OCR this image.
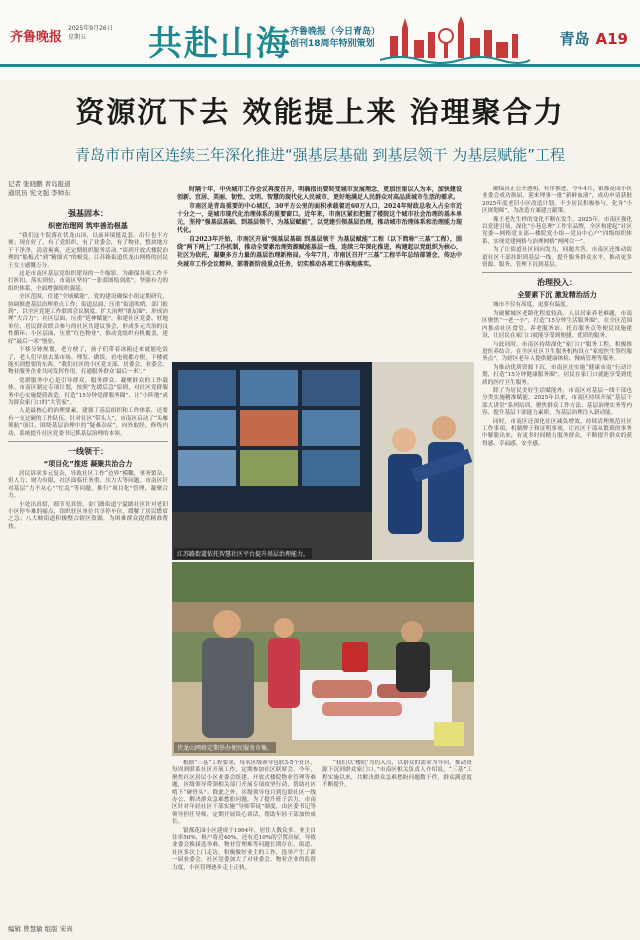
齐鲁晚报
2025年9月26日
星期五	共赴山海
齐鲁晚报（今日青岛）
创刊18周年特别策划	青岛 A19
资源沉下去 效能提上来 治理聚合力
青岛市市南区连续三年深化推进“强基层基础 到基层领干 为基层赋能”工程
记者 张晓鹏 青岛报道
通讯员 宪文强 李帅东
强基固本：
织密治理网 筑牢善治根基

“我们这个院落在伏龙山顶，以前环境挺乱套，出行也不方便；现在好了，有了党组织，有了业委会，有了物业，整块地方干干净净，清清爽爽，还定期组织服务活动。”谈到开放式楼院治理的“船板式”到“精细式”的蜕变，江苏路街道伏龙山网格的居民王女士感慨万分。

这是市南区基层党组织建设的一个缩影。为确保各项工作不打折扣，落实到位，市南区坚持“一张蓝图绘到底”，坚强有力的组织体系，全面增强组织强基。

全区范围，住建“全域赋能”，党的建设确保小组定期研究，协调推进基层治理重点工作；街道层面，压重“街道吹哨、部门报到”，以全区党建工作联席会议制度、扩大治理“朋友圈”，形成治理“大合力”；社区层面，压重“延伸赋能”，和建社区党委、驻地单位、居民群众联合参与的社区共建议事会，形成多元共治的良性循环；小区层面，压重“红色物业”，推动党组织有机覆盖，建好“最后一米”堡垒。

下移分钟规划，老方便了，孩子们带着冰箱过来就能吃饭了，老人们早晨去菜市场、理发、做饭、看电视都方便，下楼就能买到想要的东西。“我们社区的小区党支部、居委会、业委会、物业服务企业共同发挥作用，打通服务群众‘最后一米’。”

党群服务中心是引导群众、服务群众、凝聚群众的工作载体。市南区制定专项计划，按照“先缓后急”原则，对社区党群服务中心实施提质改造，打造“15分钟党群服务圈”，让“小阵地”成为群众家门口的“大管家”。

人是最核心的治理要素。建强了基层组织和工作体系，还要有一支过硬的工作队伍。针对社区“带头人”，市南区启动了“头雁领航”项目，围绕基层治理中的“疑难杂症”，向外取经、修炼内功，系统提升社区党委书记抓基层治理的本领。

一线领干：
“项目化”推进 凝聚共治合力

居民诉求多元复杂，导致社区工作“边界”模糊，事务繁杂，但人力、财力有限，社区面临任务重、压力大等问题。市南区针对基层“力不从心”“忙乱”等问题，推行“项目化”管理，凝聚合力。

小处出真招，细节见真情。金门路街道宁夏路社区针对老旧小区停车难的痛点，组织驻区单位共享停车位，缓解了居民燃眉之急；八大峡街道积极整合辖区资源，为困难群众提供精准帮扶。

时隔十年，中央城市工作会议再度召开，明确指出要转变城市发展理念，更加注重以人为本，加快建设创新、宜居、美丽、韧性、文明、智慧的现代化人民城市，更好地满足人民群众对高品质城市生活的需求。

市南区是青岛重要的中心城区，30平方公里的面积承载着近60万人口，2024年财政总收入占全市近十分之一，是城市现代化治理体系的重要窗口。近年来，市南区紧扣把握了楼院这个城市社会治理的基本单元，坚持“强基层基础、到基层领干、为基层赋能”，以党建引领基层治理，推动城市治理体系和治理能力现代化。

自2023年开始，市南区开展“强基层基础 到基层领干 为基层赋能”工程（以下简称“三基”工程），围绕“两下两上”工作机制，推动全要素治理资源赋能基层一线，连续三年深化推进，构建起以党组织为核心，社区为依托，凝聚多方力量的基层治理新格局。今年7月，市南区召开“三基”工程半年总结部署会，传达中央城市工作会议精神，部署新阶段重点任务，切实推动各项工作落地落实。

江苏路街道依托智慧社区平台提升基层治理能力。
伏龙山网格定期举办便民服务市集。

根据“三基”工程要求，每名区级领导包联3-5个社区，每周到联系社区开展工作，定期参加社区联席会。今年，聚焦社区居民小区业委会组建、开放式楼院物业管理等难题，区级领导带领相关部门开展专项攻坚行动，帮助社区啃下“硬骨头”。除此之外，区级领导每月到包联社区一线办公，解决群众急难愁盼问题，为了提升班子活力，市南区针对年轻社区干部实施“导师带徒”制度，由区委书记等领导担任导师，定期开展谈心谈话，帮助年轻干部加快成长。

银都花园小区建成于1994年，居住人数众多，业主自住率50%，租户将近40%，还有近10%的空置房屋，导致业委会换届选举难、物业管理难等问题长期存在。街道、社区多次上门走访，积极做好业主的工作，选举产生了新一届业委会，社区党委加大了对业委会、物业企业的监督力度，小区管理逐步走上正轨。

“我们以‘楼院’为切入点，以群众的需求为导向，推动资源下沉到群众家门口。”市南区相关负责人介绍说，“三基”工程实施以来，共解决群众急难愁盼问题数千件，群众满意度不断提升。

确保真正公开透明、有序推进，今年4月，银都花园小区业委会成功换届，迎来理事一批“新鲜血液”，成功申请获批2025年度老旧小区改造计划，不少居民积极参与，化身“小区规划师”，为改造方案建言献策。

像王老先生样的变化不断在发生。2025年，市南区强化以党建引领，深化“小巷总理”工作室品牌，全区构建起“社区党委—网格党支部—楼院党小组—党员中心户”四级组织体系，实现党建网格与治理网格“两网合一”。

为了让街道社区同向发力，同题共答，市南区还推动街道社区干部挂职到基层一线，提升服务群众水平，推动更多资源、服务、管理下沉到基层。

治理投入：
全要素下沉 激发精治活力

城市不仅有高度，更要有温度。

为破解城区老龄化程度较高、人员居家养老难题，市南区聚焦“一老一小”，打造“15分钟生活服务圈”，在全区范围内推动社区食堂、养老服务站、托育服务点等便民设施建设，让居民在家门口就能享受到便捷、优质的服务。

与此同时，市南区持续深化“家门口”服务工程，积极推进医养结合，在全区社区卫生服务机构设立“家庭医生签约服务点”，为辖区老年人提供健康体检、慢病管理等服务。

为推动优质资源下沉，市南区还实施“健康市南”行动计划，打造“15分钟健康服务圈”，居民在家门口就能享受到优质的医疗卫生服务。

除了为居民美好生活赋能外，市南区对基层一线干部也分类实施精准赋能。2025年以来，市南区持续开展“基层干部大讲堂”系列培训，聚焦群众工作方法、基层治理实务等内容，提升基层干部能力素质，为基层治理注入新动能。

同时，市南区还深化社区减负增效，持续清理规范社区工作事项、机制牌子和证明事项，让社区干部从繁琐的事务中解脱出来，有更多时间精力服务群众，不断提升群众的获得感、幸福感、安全感。

编辑 曾慧敏 组版 宋真
